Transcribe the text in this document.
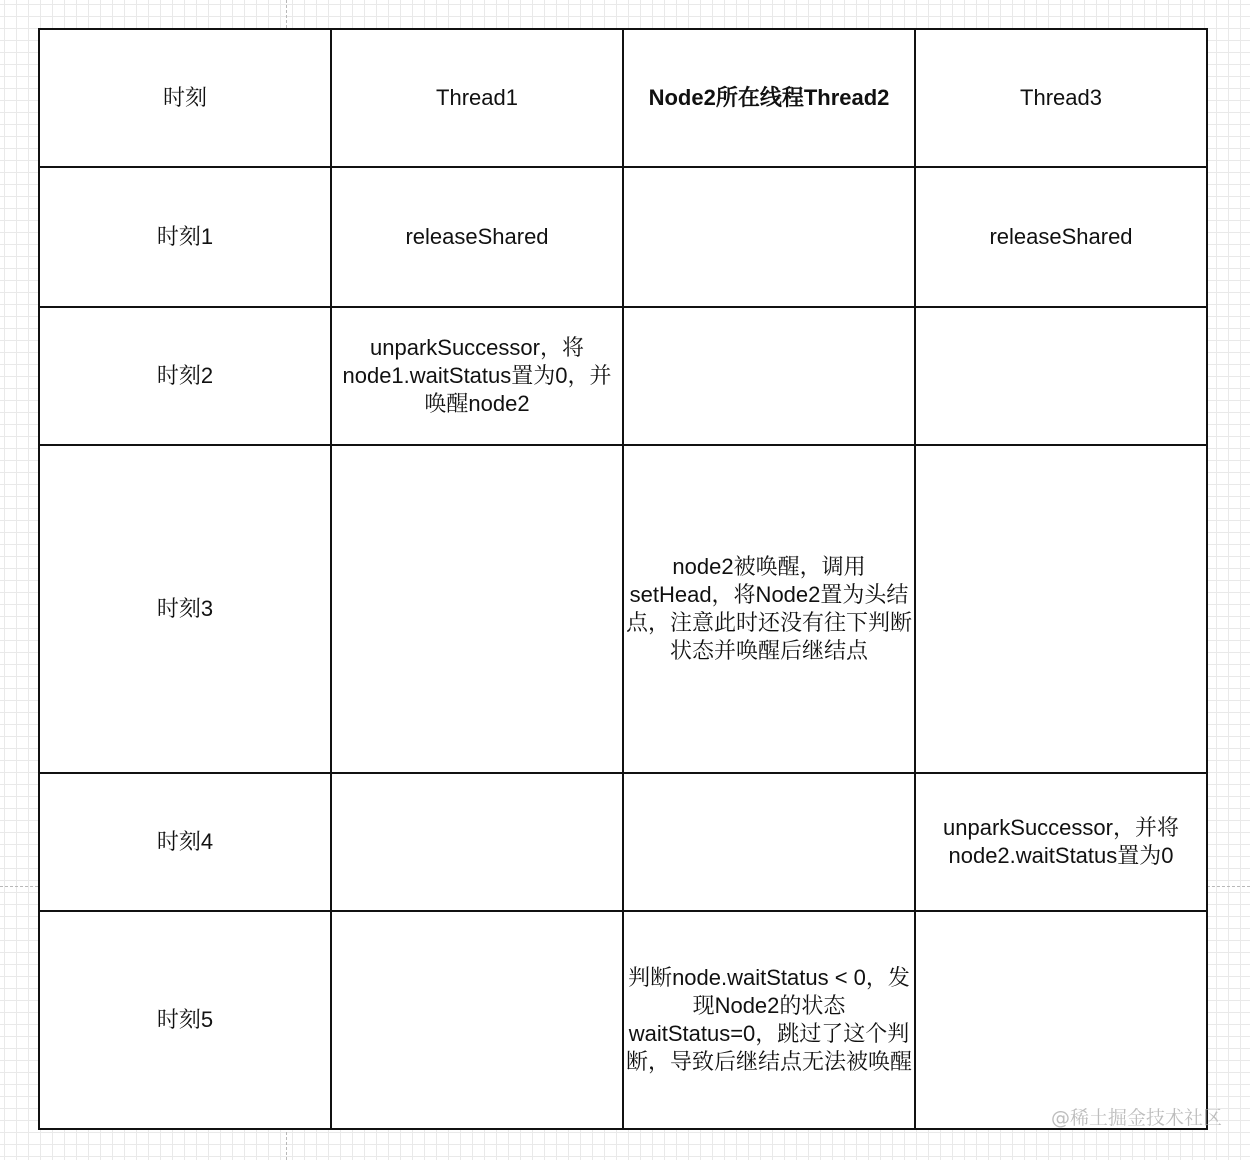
时刻	Thread1	Node2所在线程Thread2	Thread3
时刻1	releaseShared		releaseShared
时刻2	unparkSuccessor，将node1.waitStatus置为0，并唤醒node2		
时刻3		node2被唤醒，调用setHead，将Node2置为头结点，注意此时还没有往下判断状态并唤醒后继结点	
时刻4			unparkSuccessor，并将node2.waitStatus置为0
时刻5		判断node.waitStatus < 0，发现Node2的状态waitStatus=0，跳过了这个判断，导致后继结点无法被唤醒	
@稀土掘金技术社区
